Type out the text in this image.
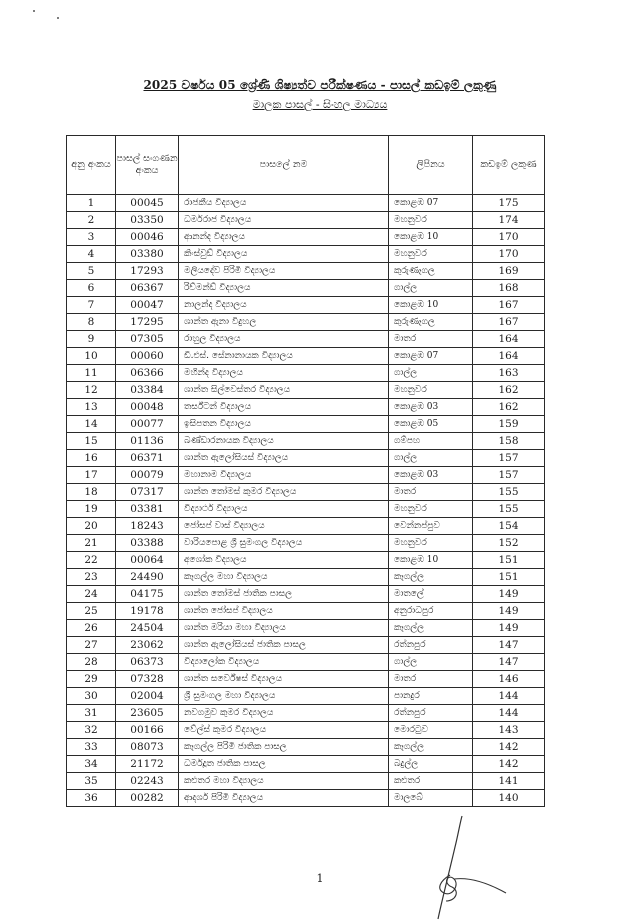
2025 වර්ෂය 05 ශ්‍රේණි ශිෂ්‍යත්ව පරීක්ෂණය - පාසල් කඩඉම් ලකුණු
ම‍ාලක පාසල් - සිංහල මාධ්‍යය
අනු අංකය	පාසල් සංගණන අංකය	පාසලේ නම	ලිපිනය	කඩඉම් ලකුණ
1	00045	රාජකීය විද්‍යාලය	කොළඹ 07	175
2	03350	ධර්මරාජ විද්‍යාලය	මහනුවර	174
3	00046	ආනන්ද විද්‍යාලය	කොළඹ 10	170
4	03380	කිංස්වුඩ් විද්‍යාලය	මහනුවර	170
5	17293	මලියදේව පිරිමි විද්‍යාලය	කුරුණෑගල	169
6	06367	රිච්මන්ඩ් විද්‍යාලය	ගාල්ල	168
7	00047	නාලන්ද විද්‍යාලය	කොළඹ 10	167
8	17295	ශාන්ත ඇනා විදුහල	කුරුණෑගල	167
9	07305	රාහුල විද්‍යාලය	මාතර	164
10	00060	ඩී.එස්. සේනානායක විද්‍යාලය	කොළඹ 07	164
11	06366	මහින්ද විද්‍යාලය	ගාල්ල	163
12	03384	ශාන්ත සිල්වෙස්තර විද්‍යාලය	මහනුවර	162
13	00048	තර්ස්ටන් විද්‍යාලය	කොළඹ 03	162
14	00077	ඉසිපතන විද්‍යාලය	කොළඹ 05	159
15	01136	බණ්ඩාරනායක විද්‍යාලය	ගම්පහ	158
16	06371	ශාන්ත ඇලෝසියස් විද්‍යාලය	ගාල්ල	157
17	00079	මහානාම විද්‍යාලය	කොළඹ 03	157
18	07317	ශාන්ත තෝමස් කුමර විද්‍යාලය	මාතර	155
19	03381	විද්‍යාර්ථ විද්‍යාලය	මහනුවර	155
20	18243	ජෝසප් වාස් විද්‍යාලය	වෙන්නප්පුව	154
21	03388	වාරියපොළ ශ්‍රී සුමංගල විද්‍යාලය	මහනුවර	152
22	00064	අශෝක විද්‍යාලය	කොළඹ 10	151
23	24490	කෑගල්ල මහා විද්‍යාලය	කෑගල්ල	151
24	04175	ශාන්ත තෝමස් ජාතික පාසල	මාතලේ	149
25	19178	ශාන්ත ජෝසප් විද්‍යාලය	අනුරාධපුර	149
26	24504	ශාන්ත මරියා මහා විද්‍යාලය	කෑගල්ල	149
27	23062	ශාන්ත ඇලෝසියස් ජාතික පාසල	රත්නපුර	147
28	06373	විද්‍යාලෝක විද්‍යාලය	ගාල්ල	147
29	07328	ශාන්ත සර්වේෂස් විද්‍යාලය	මාතර	146
30	02004	ශ්‍රී සුමංගල මහා විද්‍යාලය	පානදුර	144
31	23605	නවගමුව කුමර විද්‍යාලය	රත්නපුර	144
32	00166	වේල්ස් කුමර විද්‍යාලය	මොරටුව	143
33	08073	කෑගල්ල පිරිමි ජාතික පාසල	කෑගල්ල	142
34	21172	ධර්මදූත ජාතික පාසල	බදුල්ල	142
35	02243	කළුතර මහා විද්‍යාලය	කළුතර	141
36	00282	ආදර්ශ පිරිමි විද්‍යාලය	මාලබේ	140
1
